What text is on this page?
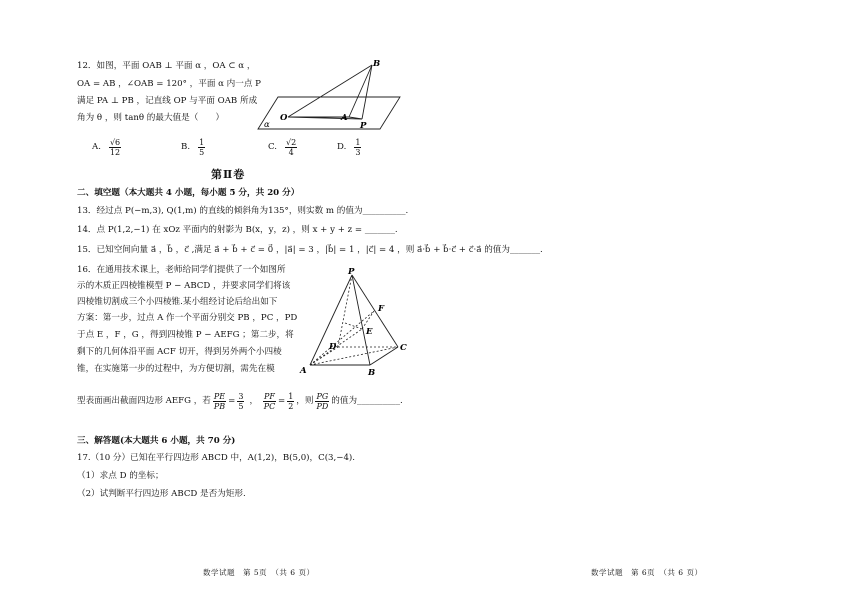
12．如图，平面 OAB ⊥ 平面 α ，OA ⊂ α ，
OA = AB ，∠OAB = 120° ，平面 α 内一点 P
满足 PA ⊥ PB ，记直线 OP 与平面 OAB 所成
角为 θ ，则 tanθ 的最大值是（　　）
B
O	A
P
α
A. $\frac{√6}{12}$	B. $\frac{1}{5}$	C. $\frac{√2}{4}$	D. $\frac{1}{3}$
第Ⅱ卷
二、填空题（本大题共 4 小题，每小题 5 分，共 20 分）
13．经过点 P(−m,3), Q(1,m) 的直线的倾斜角为135°，则实数 m 的值为__________.
14．点 P(1,2,−1) 在 xOz 平面内的射影为 B(x，y，z) ，则 x + y + z = _______.
15．已知空间向量 a⃗ ，b⃗ ，c⃗ ,满足 a⃗ + b⃗ + c⃗ = 0⃗ ，|a⃗| = 3 ，|b⃗| = 1 ，|c⃗| = 4 ，则 a⃗·b⃗ + b⃗·c⃗ + c⃗·a⃗ 的值为_______.
16．在通用技术课上，老师给同学们提供了一个如图所
示的木质正四棱锥模型 P − ABCD ，并要求同学们将该
四棱锥切割成三个小四棱锥.某小组经讨论后给出如下
方案：第一步，过点 A 作一个平面分别交 PB ，PC ，PD
于点 E ，F ，G ，得到四棱锥 P − AEFG ；第二步，将
剩下的几何体沿平面 ACF 切开，得到另外两个小四棱
锥，在实施第一步的过程中，为方便切割，需先在模
P
F
E
D	C
A	B
型表面画出截面四边形 AEFG ，若 $\frac{PE}{PB} = \frac{3}{5}$ ， $\frac{PF}{PC} = \frac{1}{2}$ ，则 $\frac{PG}{PD}$ 的值为__________.
三、解答题(本大题共 6 小题，共 70 分)
17.（10 分）已知在平行四边形 ABCD 中，A(1,2)，B(5,0)，C(3,−4).
（1）求点 D 的坐标；
（2）试判断平行四边形 ABCD 是否为矩形.
数学试题　第 5页　（共 6 页）	数学试题　第 6页　（共 6 页）
